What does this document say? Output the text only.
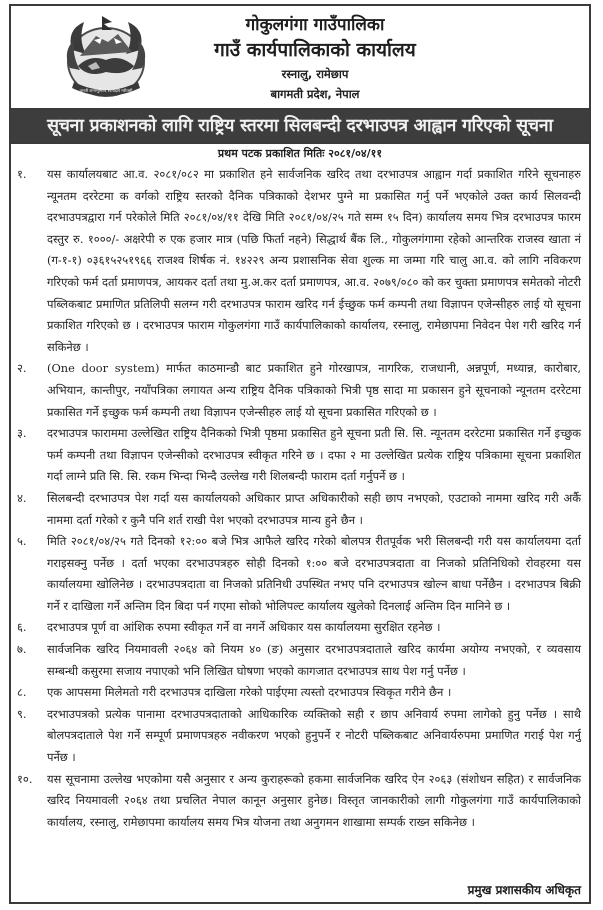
जननी जन्मभूमिश्च स्वर्गादपि गरीयसी
गोकुलगंगा गाउँपालिका
गाउँ कार्यपालिकाको कार्यालय
रस्नालु, रामेछाप
बागमती प्रदेश, नेपाल
सूचना प्रकाशनको लागि राष्ट्रिय स्तरमा सिलबन्दी दरभाउपत्र आह्वान गरिएको सूचना
प्रथम पटक प्रकाशित मितिः २०८१/०४/११
१.	यस कार्यालयबाट आ.व. २०८१/०८२ मा प्रकाशित हने सार्वजनिक खरिद तथा दरभाउपत्र आह्वान गर्दा प्रकाशित गरिने सूचनाहरु न्यूनतम दररेटमा क वर्गको राष्ट्रिय स्तरको दैनिक पत्रिकाको देशभर पुग्ने मा प्रकासित गर्नु पर्ने भएकोले उक्त कार्य सिलवन्दी दरभाउपत्रद्वारा गर्न परेकोले मिति २०८१/०४/११ देखि मिति २०८१/०४/२५ गते सम्म १५ दिन) कार्यालय समय भित्र दरभाउपत्र फारम दस्तुर रु. १०००/- अक्षरेपी रु एक हजार मात्र (पछि फिर्ता नहने) सिद्धार्थ बैंक लि., गोकुलगंगामा रहेको आन्तरिक राजस्व खाता नं (ग-१-१) ०३६१५२५१९६६ राजश्व शिर्षक नं. १४२२९ अन्य प्रशासनिक सेवा शुल्क मा जम्मा गरि चालु आ.व. को लागि नविकरण गरिएको फर्म दर्ता प्रमाणपत्र, आयकर दर्ता तथा मु.अ.कर दर्ता प्रमाणपत्र, आ.व. २०७९/०८० को कर चुक्ता प्रमाणपत्र समेतको नोटरी पब्लिकबाट प्रमाणित प्रतिलिपी सलग्न गरी दरभाउपत्र फाराम खरिद गर्न ईच्छुक फर्म कम्पनी तथा विज्ञापन एजेन्सीहरु लाई यो सूचना प्रकाशित गरिएको छ । दरभाउपत्र फाराम गोकुलगंगा गाउँ कार्यपालिकाको कार्यालय, रस्नालु, रामेछापमा निवेदन पेश गरी खरिद गर्न सकिनेछ ।
२.	(One door system) मार्फत काठमान्डौ बाट प्रकाशित हुने गोरखापत्र, नागरिक, राजधानी, अन्नपूर्ण, मध्यान्न, कारोबार, अभियान, कान्तीपुर, नयाँपत्रिका लगायत अन्य राष्ट्रिय दैनिक पत्रिकाको भित्री पृष्ठ सादा मा प्रकासन हुने सूचनाको न्यूनतम दररेटमा प्रकासित गर्ने इच्छुक फर्म कम्पनी तथा विज्ञापन एजेन्सीहरु लाई यो सूचना प्रकासित गरिएको छ ।
३.	दरभाउपत्र फाराममा उल्लेखित राष्ट्रिय दैनिकको भित्री पृष्ठमा प्रकासित हुने सूचना प्रती सि. सि. न्यूनतम दररेटमा प्रकासित गर्ने इच्छुक फर्म कम्पनी तथा विज्ञापन एजेन्सीको दरभाउपत्र स्वीकृत गरिने छ । दफा २ मा उल्लेखित प्रत्येक राष्ट्रिय पत्रिकामा सूचना प्रकाशित गर्दा लाग्ने प्रति सि. सि. रकम भिन्दा भिन्दै उल्लेख गरी शिलबन्दी फाराम दर्ता गर्नुपर्ने छ ।
४.	सिलबन्दी दरभाउपत्र पेश गर्दा यस कार्यालयको अधिकार प्राप्त अधिकारीको सही छाप नभएको, एउटाको नाममा खरिद गरी अर्कै नाममा दर्ता गरेको र कुनै पनि शर्त राखी पेश भएको दरभाउपत्र मान्य हुने छैन ।
५.	मिति २०८१/०४/२५ गते दिनको १२:०० बजे भित्र आफैले खरिद गरेको बोलपत्र रीतपूर्वक भरी सिलबन्दी गरी यस कार्यालयमा दर्ता गराइसक्नु पर्नेछ । दर्ता भएका दरभाउपत्रहरु सोही दिनको १:०० बजे दरभाउपत्रदाता वा निजको प्रतिनिधिको रोवहरमा यस कार्यालयमा खोलिनेछ । दरभाउपत्रदाता वा निजको प्रतिनिधी उपस्थित नभए पनि दरभाउपत्र खोल्न बाधा पर्नेछैन । दरभाउपत्र बिक्री गर्ने र दाखिला गर्ने अन्तिम दिन बिदा पर्न गएमा सोको भोलिपल्ट कार्यालय खुलेको दिनलाई अन्तिम दिन मानिने छ ।
६.	दरभाउपत्र पूर्ण वा आंशिक रुपमा स्वीकृत गर्ने वा नगर्ने अधिकार यस कार्यालयमा सुरक्षित रहनेछ ।
७.	सार्वजनिक खरिद नियमावली २०६४ को नियम ४० (ङ) अनुसार दरभाउपत्रदाताले खरिद कार्यमा अयोग्य नभएको, र व्यवसाय सम्बन्धी कसुरमा सजाय नपाएको भनि लिखित घोषणा भएको कागजात दरभाउपत्र साथ पेश गर्नु पर्नेछ ।
८.	एक आपसमा मिलेमतो गरी दरभाउपत्र दाखिला गरेको पाईएमा त्यस्तो दरभाउपत्र स्विकृत गरीने छैन ।
९.	दरभाउपत्रको प्रत्येक पानामा दरभाउपत्रदाताको आधिकारिक व्यक्तिको सही र छाप अनिवार्य रुपमा लागेको हुनु पर्नेछ । साथै बोलपत्रदाताले पेश गर्ने सम्पूर्ण प्रमाणपत्रहरु नवीकरण भएको हुनुपर्ने र नोटरी पब्लिकबाट अनिवार्यरुपमा प्रमाणित गराई पेश गर्नु पर्नेछ ।
१०.	यस सूचनामा उल्लेख भएकोमा यसै अनुसार र अन्य कुराहरूको हकमा सार्वजनिक खरिद ऐन २०६३ (संशोधन सहित) र सार्वजनिक खरिद नियमावली २०६४ तथा प्रचलित नेपाल कानून अनुसार हुनेछ। विस्तृत जानकारीको लागी गोकुलगंगा गाउँ कार्यपालिकाको कार्यालय, रस्नालु, रामेछापमा कार्यालय समय भित्र योजना तथा अनुगमन शाखामा सम्पर्क राख्न सकिनेछ ।
प्रमुख प्रशासकीय अधिकृत
